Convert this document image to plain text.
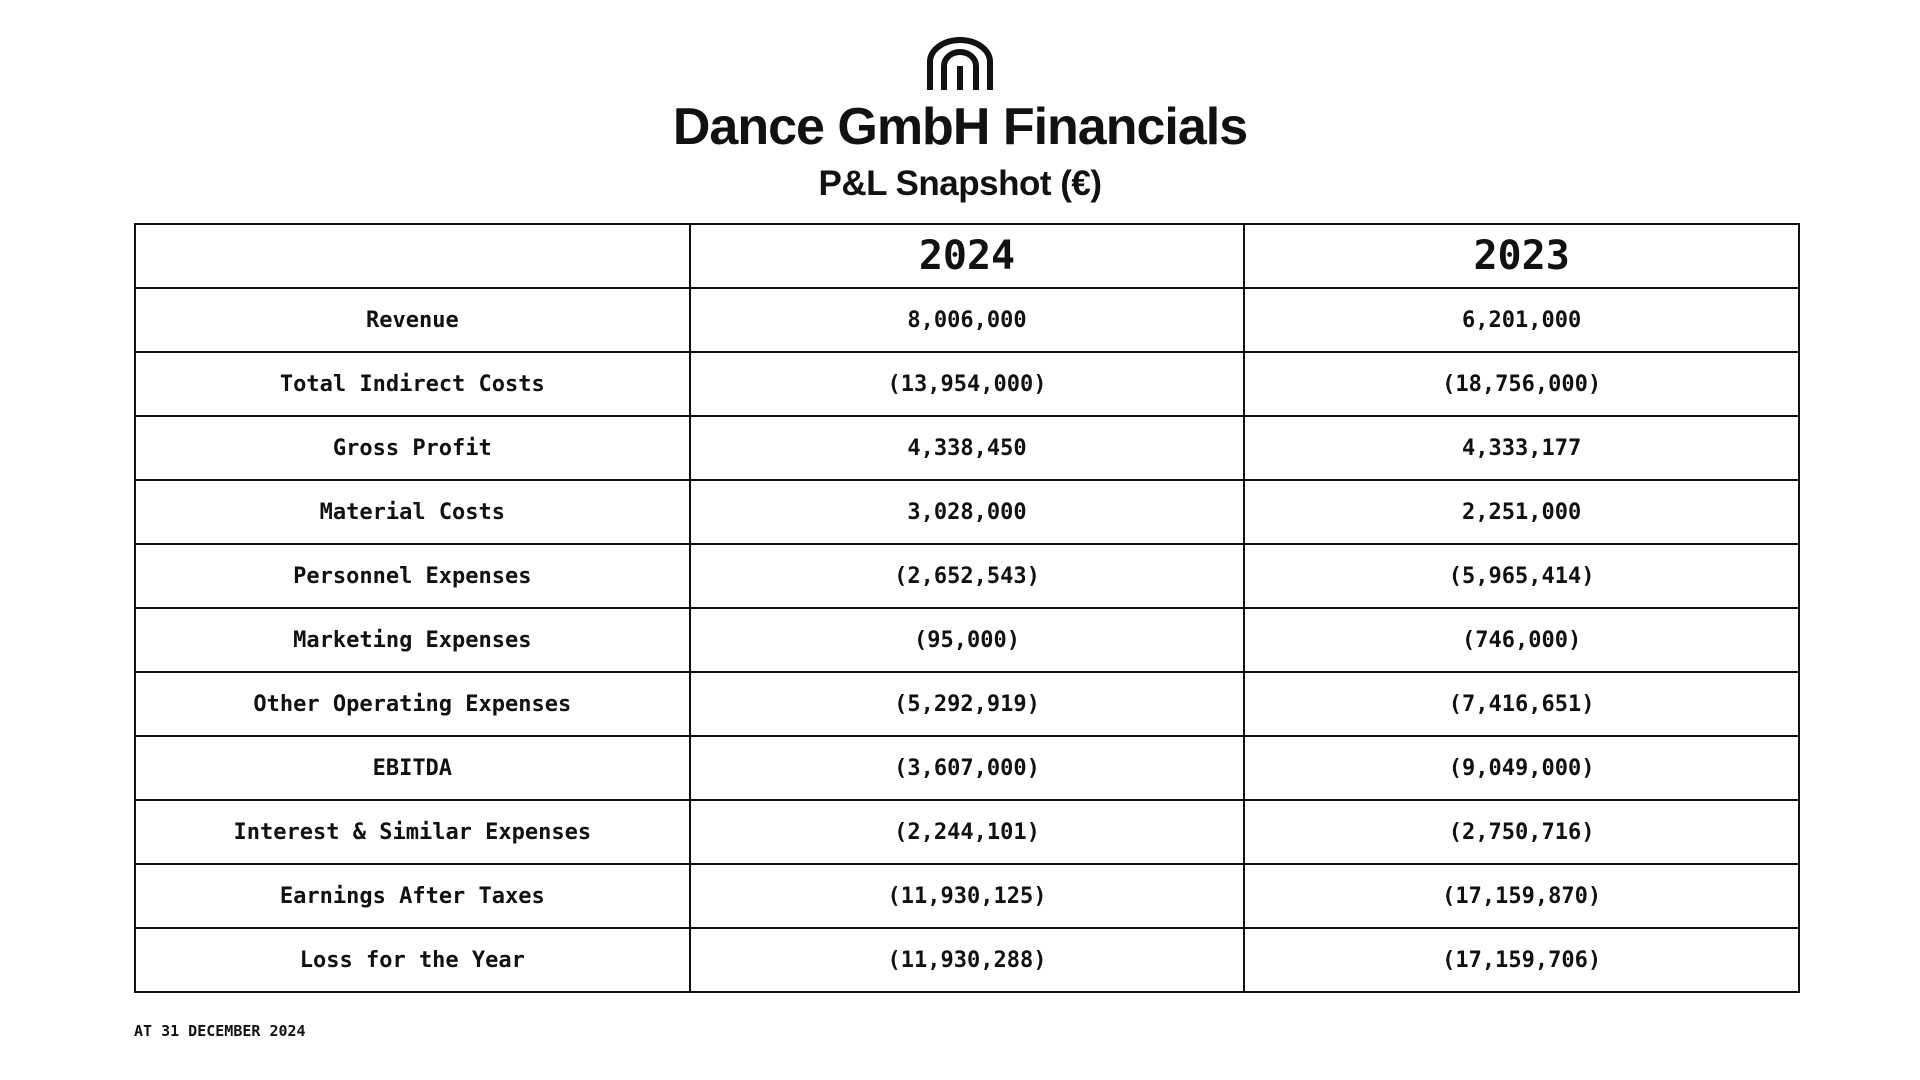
Dance GmbH Financials
P&L Snapshot (€)
	2024	2023
Revenue	8,006,000	6,201,000
Total Indirect Costs	(13,954,000)	(18,756,000)
Gross Profit	4,338,450	4,333,177
Material Costs	3,028,000	2,251,000
Personnel Expenses	(2,652,543)	(5,965,414)
Marketing Expenses	(95,000)	(746,000)
Other Operating Expenses	(5,292,919)	(7,416,651)
EBITDA	(3,607,000)	(9,049,000)
Interest & Similar Expenses	(2,244,101)	(2,750,716)
Earnings After Taxes	(11,930,125)	(17,159,870)
Loss for the Year	(11,930,288)	(17,159,706)
AT 31 DECEMBER 2024
